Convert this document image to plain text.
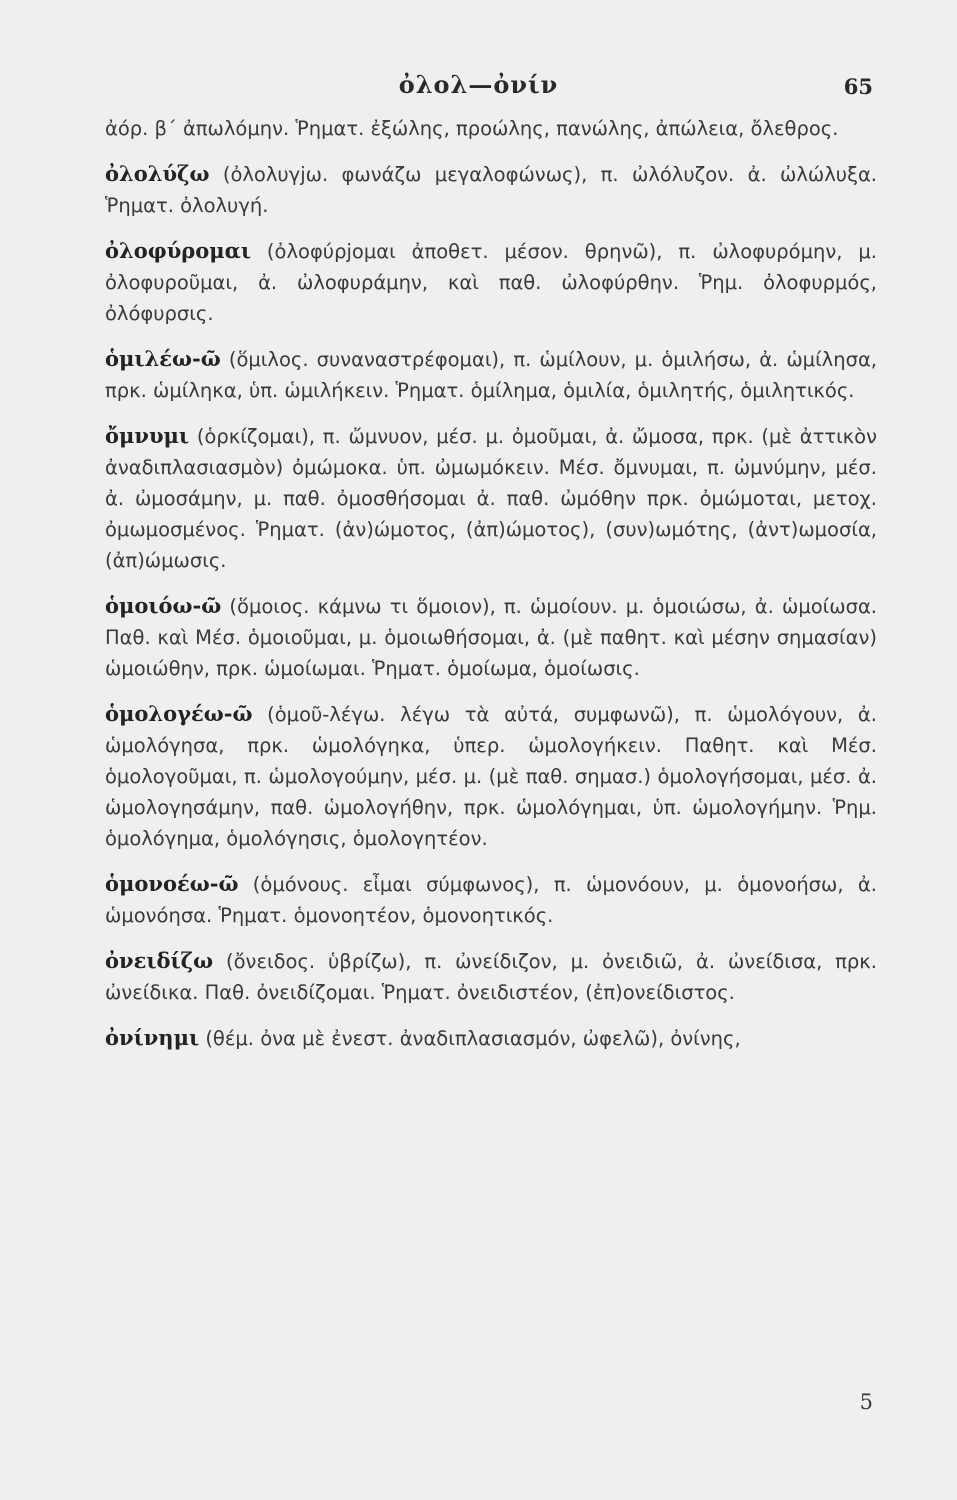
ὀλολ—ὀνίν	65

ἀόρ. β΄ ἀπωλόμην. Ῥηματ. ἐξώλης, προώλης, πανώλης, ἀπώλεια, ὄλεθρος.

ὀλολύζω (ὀλολυγjω. φωνάζω μεγαλοφώνως), π. ὠλόλυζον. ἀ. ὠλώλυξα. Ῥηματ. ὀλολυγή.

ὀλοφύρομαι (ὀλοφύρjομαι ἀποθετ. μέσον. θρηνῶ), π. ὠλοφυρόμην, μ. ὀλοφυροῦμαι, ἀ. ὠλοφυράμην, καὶ παθ. ὠλοφύρθην. Ῥημ. ὀλοφυρμός, ὀλόφυρσις.

ὁμιλέω-ῶ (ὅμιλος. συναναστρέφομαι), π. ὡμίλουν, μ. ὁμιλήσω, ἀ. ὡμίλησα, πρκ. ὡμίληκα, ὑπ. ὡμιλήκειν. Ῥηματ. ὁμίλημα, ὁμιλία, ὁμιλητής, ὁμιλητικός.

ὄμνυμι (ὁρκίζομαι), π. ὤμνυον, μέσ. μ. ὀμοῦμαι, ἀ. ὤμοσα, πρκ. (μὲ ἀττικὸν ἀναδιπλασιασμὸν) ὀμώμοκα. ὑπ. ὠμωμόκειν. Μέσ. ὄμνυμαι, π. ὠμνύμην, μέσ. ἀ. ὠμοσάμην, μ. παθ. ὀμοσθήσομαι ἀ. παθ. ὠμόθην πρκ. ὀμώμοται, μετοχ. ὀμωμοσμένος. Ῥηματ. (ἀν)ώμοτος, (ἀπ)ώμοτος), (συν)ωμότης, (ἀντ)ωμοσία, (ἀπ)ώμωσις.

ὁμοιόω-ῶ (ὅμοιος. κάμνω τι ὅμοιον), π. ὡμοίουν. μ. ὁμοιώσω, ἀ. ὡμοίωσα. Παθ. καὶ Μέσ. ὁμοιοῦμαι, μ. ὁμοιωθήσομαι, ἀ. (μὲ παθητ. καὶ μέσην σημασίαν) ὡμοιώθην, πρκ. ὡμοίωμαι. Ῥηματ. ὁμοίωμα, ὁμοίωσις.

ὁμολογέω-ῶ (ὁμοῦ-λέγω. λέγω τὰ αὐτά, συμφωνῶ), π. ὡμολόγουν, ἀ. ὡμολόγησα, πρκ. ὡμολόγηκα, ὑπερ. ὡμολογήκειν. Παθητ. καὶ Μέσ. ὁμολογοῦμαι, π. ὡμολογούμην, μέσ. μ. (μὲ παθ. σημασ.) ὁμολογήσομαι, μέσ. ἀ. ὡμολογησάμην, παθ. ὡμολογήθην, πρκ. ὡμολόγημαι, ὑπ. ὡμολογήμην. Ῥημ. ὁμολόγημα, ὁμολόγησις, ὁμολογητέον.

ὁμονοέω-ῶ (ὁμόνους. εἶμαι σύμφωνος), π. ὡμονόουν, μ. ὁμονοήσω, ἀ. ὡμονόησα. Ῥηματ. ὁμονοητέον, ὁμονοητικός.

ὀνειδίζω (ὄνειδος. ὑβρίζω), π. ὠνείδιζον, μ. ὀνειδιῶ, ἀ. ὠνείδισα, πρκ. ὠνείδικα. Παθ. ὀνειδίζομαι. Ῥηματ. ὀνειδιστέον, (ἐπ)ονείδιστος.

ὀνίνημι (θέμ. ὀνα μὲ ἐνεστ. ἀναδιπλασιασμόν, ὠφελῶ), ὀνίνης,

5
